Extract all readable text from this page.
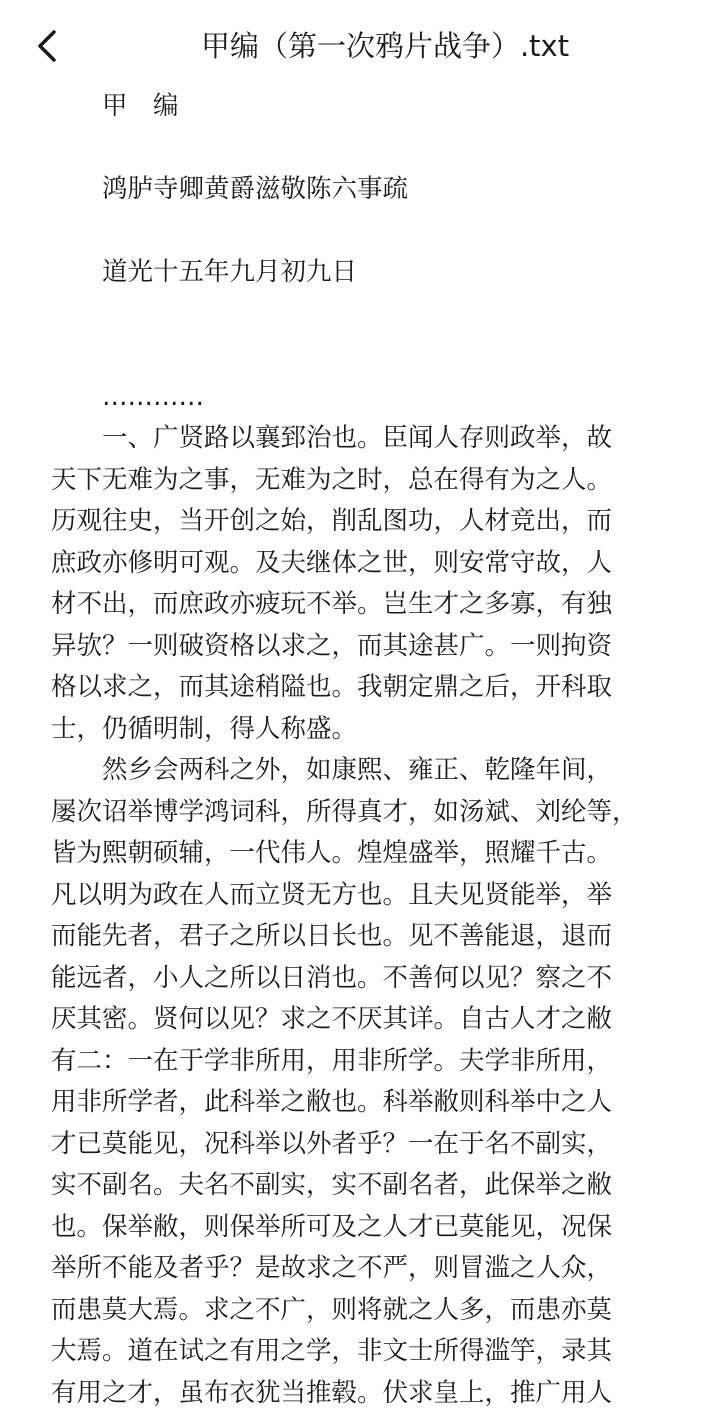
甲编（第一次鸦片战争）.txt
　　甲　编
　　鸿胪寺卿黄爵滋敬陈六事疏
　　道光十五年九月初九日
　　…………
　　一、广贤路以襄郅治也。臣闻人存则政举，故
天下无难为之事，无难为之时，总在得有为之人。
历观往史，当开创之始，削乱图功，人材竞出，而
庶政亦修明可观。及夫继体之世，则安常守故，人
材不出，而庶政亦疲玩不举。岂生才之多寡，有独
异欤？一则破资格以求之，而其途甚广。一则拘资
格以求之，而其途稍隘也。我朝定鼎之后，开科取
士，仍循明制，得人称盛。
　　然乡会两科之外，如康熙、雍正、乾隆年间，
屡次诏举博学鸿词科，所得真才，如汤斌、刘纶等，
皆为熙朝硕辅，一代伟人。煌煌盛举，照耀千古。
凡以明为政在人而立贤无方也。且夫见贤能举，举
而能先者，君子之所以日长也。见不善能退，退而
能远者，小人之所以日消也。不善何以见？察之不
厌其密。贤何以见？求之不厌其详。自古人才之敝
有二：一在于学非所用，用非所学。夫学非所用，
用非所学者，此科举之敝也。科举敝则科举中之人
才已莫能见，况科举以外者乎？一在于名不副实，
实不副名。夫名不副实，实不副名者，此保举之敝
也。保举敝，则保举所可及之人才已莫能见，况保
举所不能及者乎？是故求之不严，则冒滥之人众，
而患莫大焉。求之不广，则将就之人多，而患亦莫
大焉。道在试之有用之学，非文士所得滥竽，录其
有用之才，虽布衣犹当推毂。伏求皇上，推广用人
